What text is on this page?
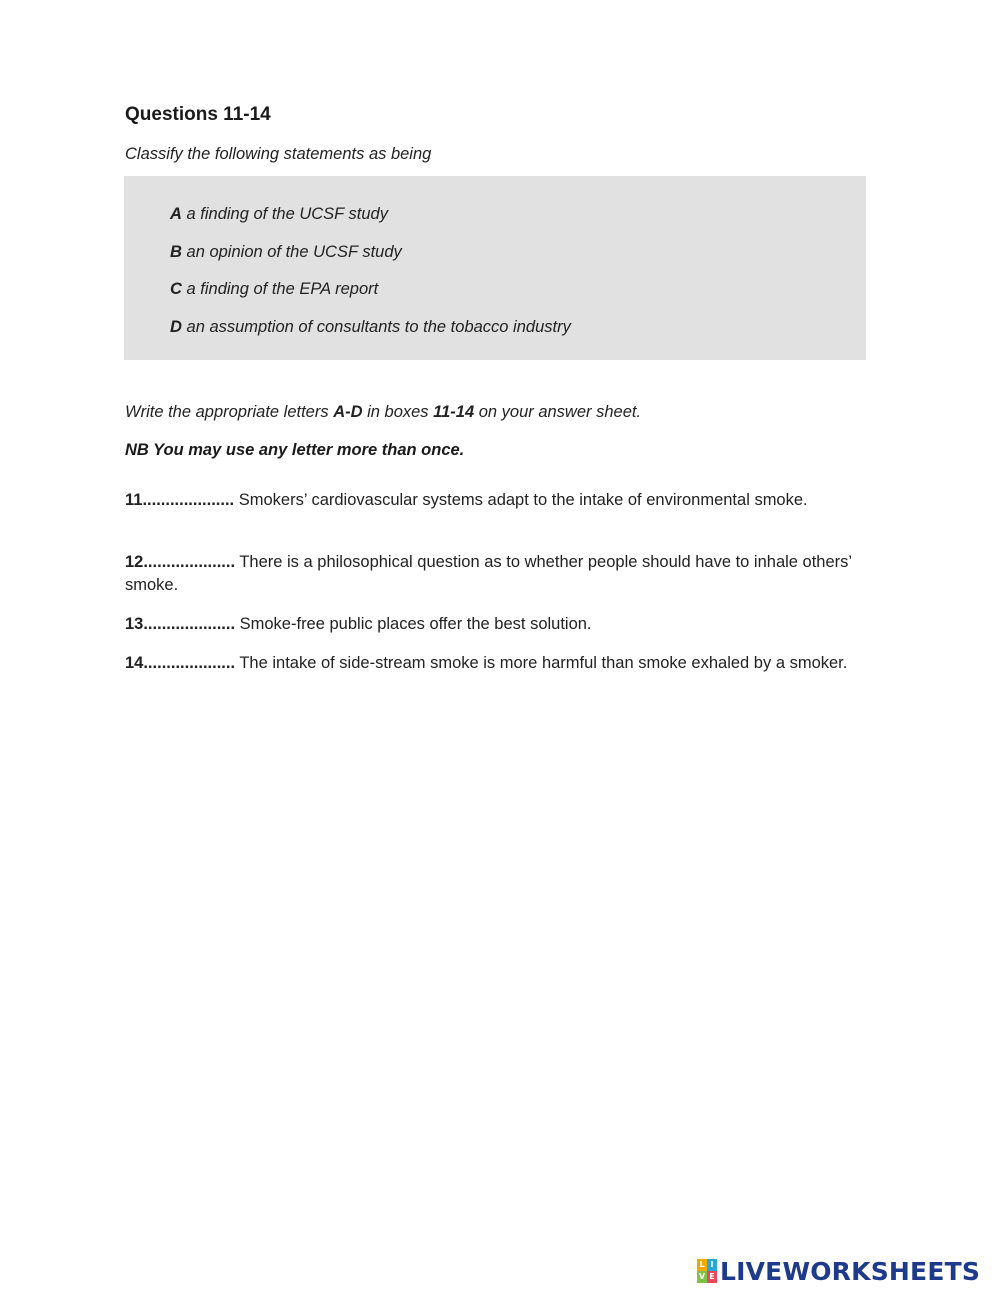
Questions 11-14

Classify the following statements as being

A a finding of the UCSF study
B an opinion of the UCSF study
C a finding of the EPA report
D an assumption of consultants to the tobacco industry

Write the appropriate letters A-D in boxes 11-14 on your answer sheet.

NB You may use any letter more than once.

11.................... Smokers’ cardiovascular systems adapt to the intake of environmental smoke.

12.................... There is a philosophical question as to whether people should have to inhale others’ smoke.

13.................... Smoke-free public places offer the best solution.

14.................... The intake of side-stream smoke is more harmful than smoke exhaled by a smoker.

L I
V E LIVEWORKSHEETS
